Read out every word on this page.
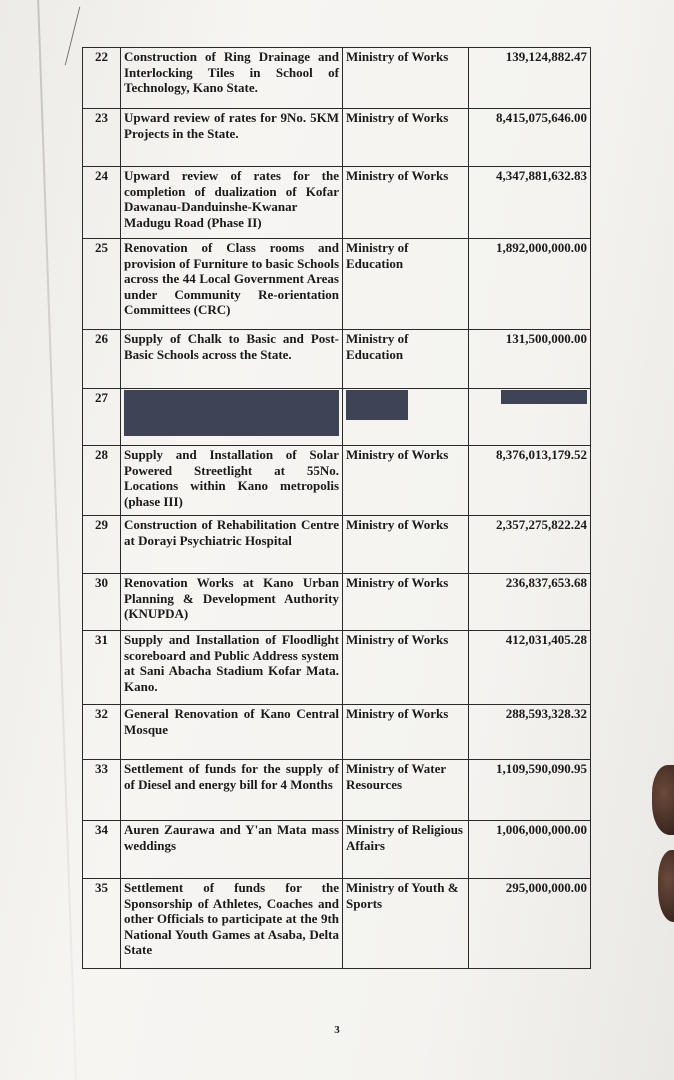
22	Construction of Ring Drainage and Interlocking Tiles in School of Technology, Kano State.	Ministry of Works	139,124,882.47
23	Upward review of rates for 9No. 5KM Projects in the State.	Ministry of Works	8,415,075,646.00
24	Upward review of rates for the completion of dualization of Kofar Dawanau-Danduinshe-Kwanar Madugu Road (Phase II)	Ministry of Works	4,347,881,632.83
25	Renovation of Class rooms and provision of Furniture to basic Schools across the 44 Local Government Areas under Community Re-orientation Committees (CRC)	Ministry of Education	1,892,000,000.00
26	Supply of Chalk to Basic and Post-Basic Schools across the State.	Ministry of Education	131,500,000.00
27	

28	Supply and Installation of Solar Powered Streetlight at 55No. Locations within Kano metropolis (phase III)	Ministry of Works	8,376,013,179.52
29	Construction of Rehabilitation Centre at Dorayi Psychiatric Hospital	Ministry of Works	2,357,275,822.24
30	Renovation Works at Kano Urban Planning & Development Authority (KNUPDA)	Ministry of Works	236,837,653.68
31	Supply and Installation of Floodlight scoreboard and Public Address system at Sani Abacha Stadium Kofar Mata. Kano.	Ministry of Works	412,031,405.28
32	General Renovation of Kano Central Mosque	Ministry of Works	288,593,328.32
33	Settlement of funds for the supply of of Diesel and energy bill for 4 Months	Ministry of Water Resources	1,109,590,090.95
34	Auren Zaurawa and Y'an Mata mass weddings	Ministry of Religious Affairs	1,006,000,000.00
35	Settlement of funds for the Sponsorship of Athletes, Coaches and other Officials to participate at the 9th National Youth Games at Asaba, Delta State	Ministry of Youth & Sports	295,000,000.00
3
